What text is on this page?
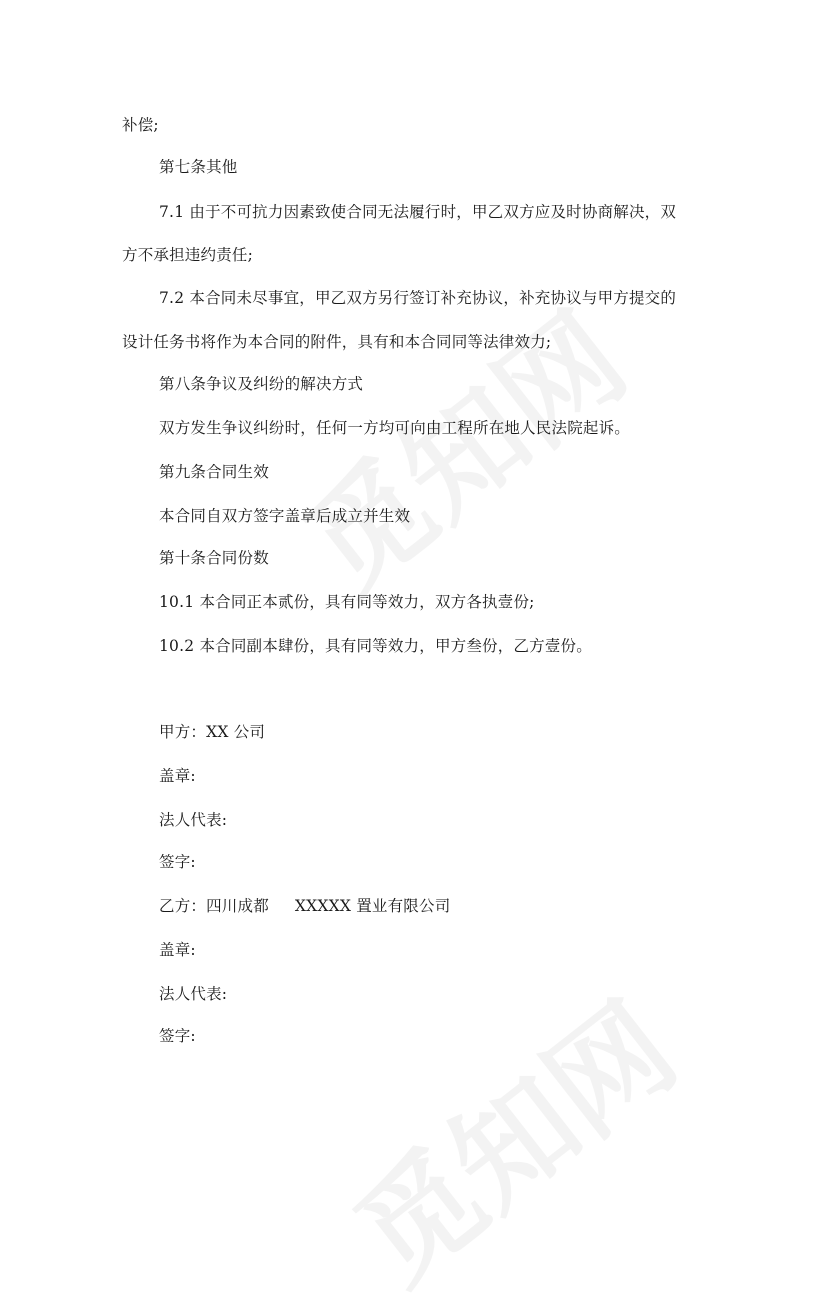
补偿;
第七条其他
7.1 由于不可抗力因素致使合同无法履行时，甲乙双方应及时协商解决，双
方不承担违约责任;
7.2 本合同未尽事宜，甲乙双方另行签订补充协议，补充协议与甲方提交的
设计任务书将作为本合同的附件，具有和本合同同等法律效力;
第八条争议及纠纷的解决方式
双方发生争议纠纷时，任何一方均可向由工程所在地人民法院起诉。
第九条合同生效
本合同自双方签字盖章后成立并生效
第十条合同份数
10.1 本合同正本贰份，具有同等效力，双方各执壹份;
10.2 本合同副本肆份，具有同等效力，甲方叁份，乙方壹份。
甲方：XX 公司
盖章:
法人代表:
签字:
乙方：四川成都 XXXXX 置业有限公司
盖章:
法人代表:
签字:
